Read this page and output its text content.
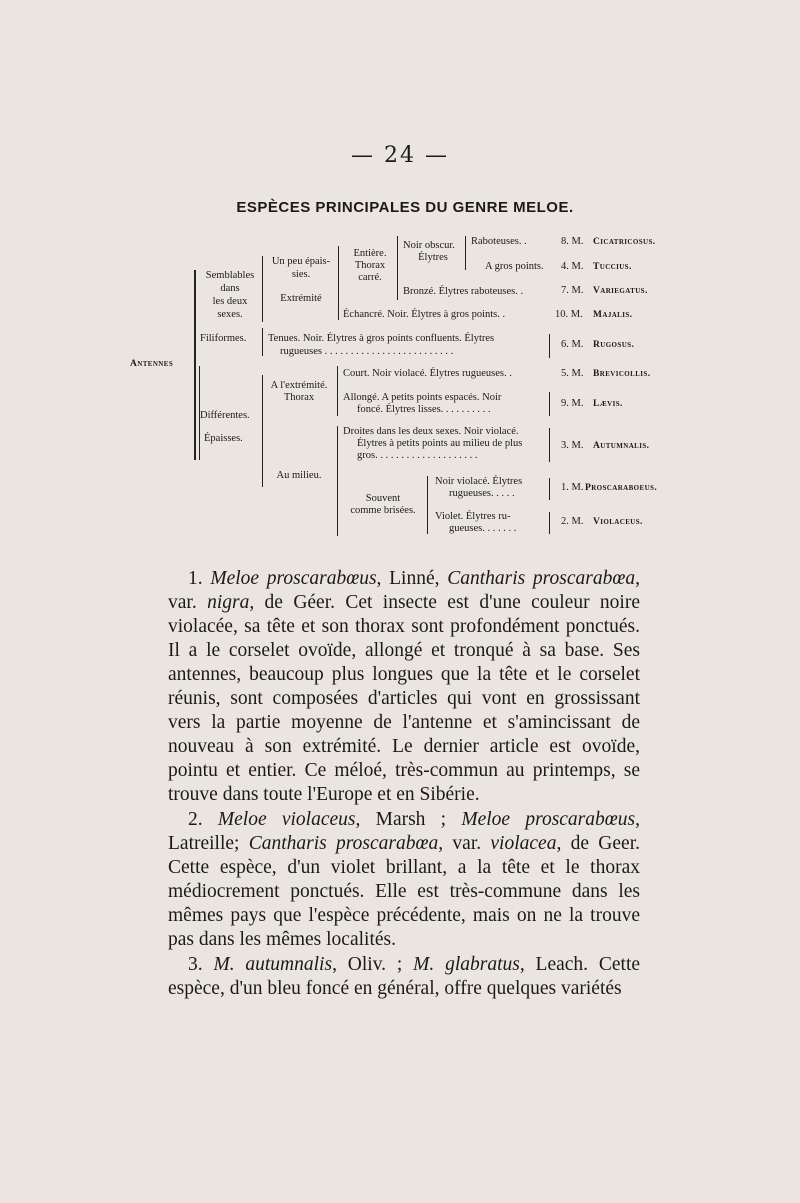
— 24 —
ESPÈCES PRINCIPALES DU GENRE MELOE.
Antennes
Semblables
dans
les deux
sexes.
Un peu épais-
sies.
Extrémité
Entière.
Thorax
carré.
Noir obscur.
Élytres
Raboteuses. .
A gros points.
Bronzé. Élytres raboteuses. .
Échancré. Noir. Élytres à gros points. .
Filiformes. Tenues. Noir. Élytres à gros points confluents. Élytres
rugueuses . . . . . . . . . . . . . . . . . . . . . . . . .
Différentes.
Épaisses.
A l'extrémité.
Thorax
Court. Noir violacé. Élytres rugueuses. .
Allongé. A petits points espacés. Noir
foncé. Élytres lisses. . . . . . . . . .
Au milieu.
Droites dans les deux sexes. Noir violacé.
Élytres à petits points au milieu de plus
gros. . . . . . . . . . . . . . . . . . . .
Souvent
comme brisées.
Noir violacé. Élytres
rugueuses. . . . .
Violet. Élytres ru-
gueuses. . . . . . .
8. M. Cicatricosus.
4. M. Tuccius.
7. M. Variegatus.
10. M. Majalis.
6. M. Rugosus.
5. M. Brevicollis.
9. M. Lævis.
3. M. Autumnalis.
1. M. Proscaraboeus.
2. M. Violaceus.

1. Meloe proscarabœus, Linné, Cantharis proscarabœa, var. nigra, de Géer. Cet insecte est d'une couleur noire violacée, sa tête et son thorax sont profondément ponctués. Il a le corselet ovoïde, allongé et tronqué à sa base. Ses antennes, beaucoup plus longues que la tête et le corselet réunis, sont composées d'articles qui vont en grossissant vers la partie moyenne de l'antenne et s'amincissant de nouveau à son extrémité. Le dernier article est ovoïde, pointu et entier. Ce méloé, très-commun au printemps, se trouve dans toute l'Europe et en Sibérie.

2. Meloe violaceus, Marsh ; Meloe proscarabœus, Latreille; Cantharis proscarabœa, var. violacea, de Geer. Cette espèce, d'un violet brillant, a la tête et le thorax médiocrement ponctués. Elle est très-commune dans les mêmes pays que l'espèce précédente, mais on ne la trouve pas dans les mêmes localités.

3. M. autumnalis, Oliv. ; M. glabratus, Leach. Cette espèce, d'un bleu foncé en général, offre quelques variétés
